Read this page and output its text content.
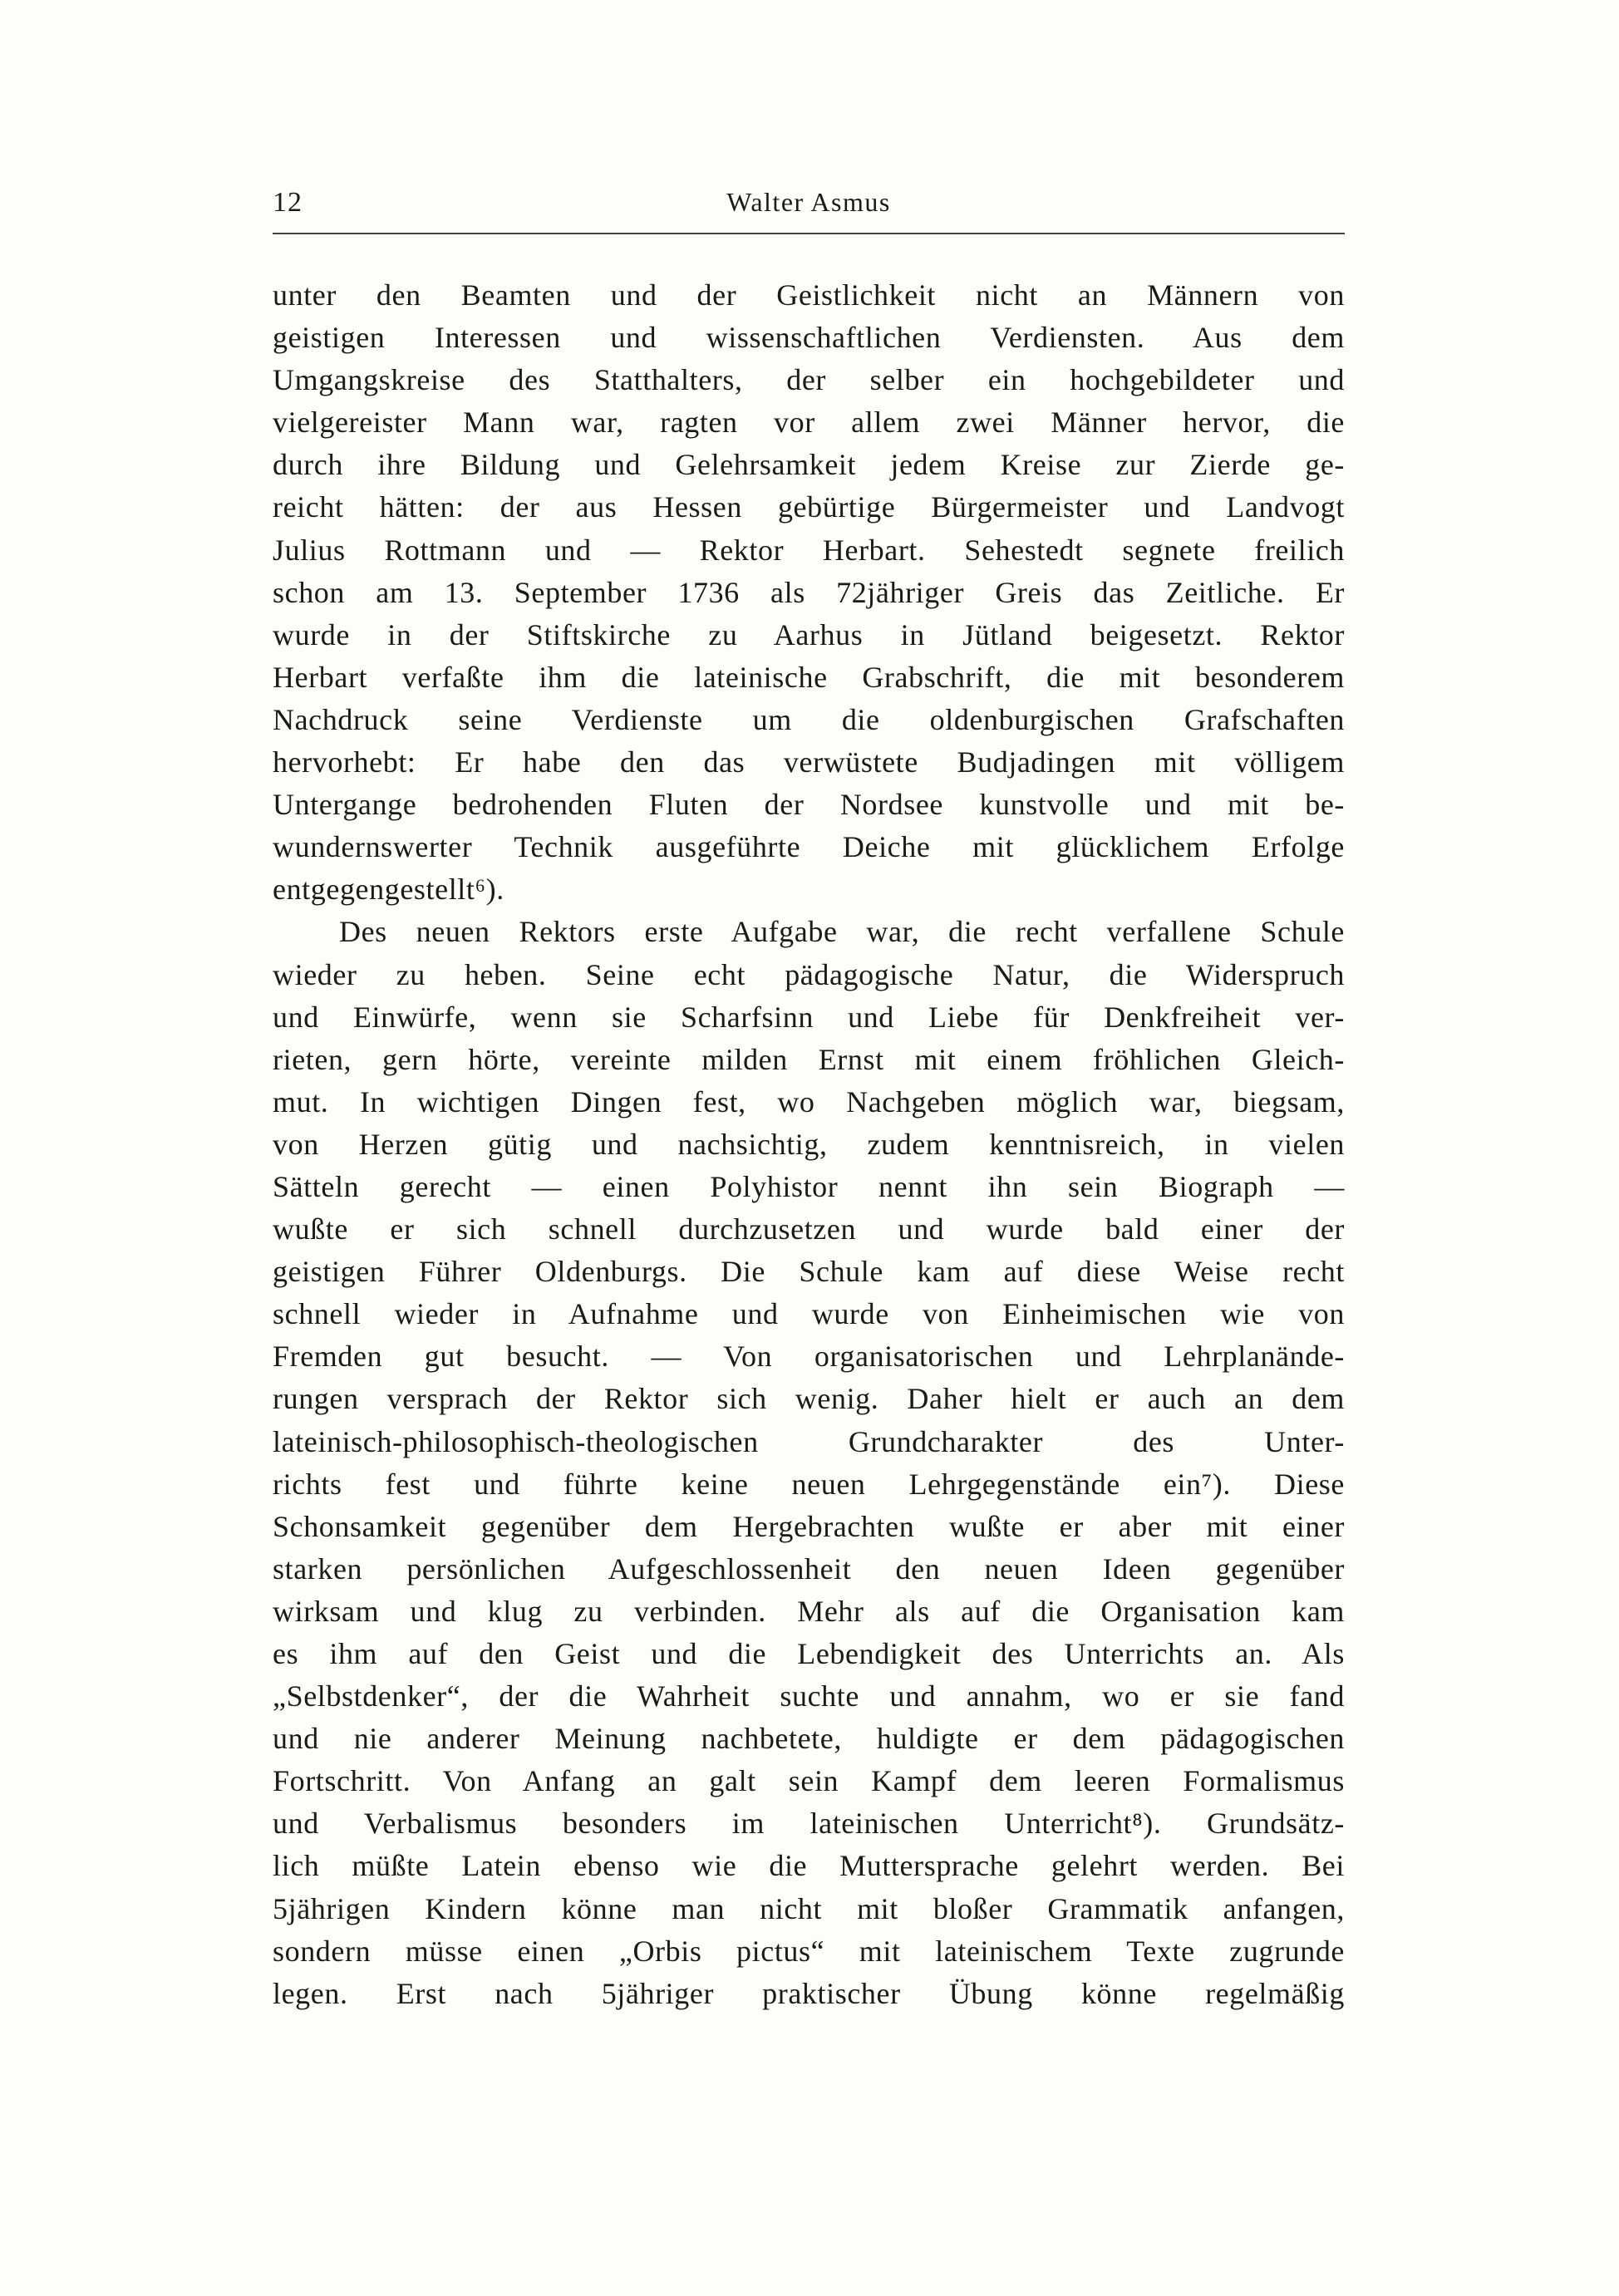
12	Walter Asmus
unter den Beamten und der Geistlichkeit nicht an Männern von
geistigen Interessen und wissenschaftlichen Verdiensten. Aus dem
Umgangskreise des Statthalters, der selber ein hochgebildeter und
vielgereister Mann war, ragten vor allem zwei Männer hervor, die
durch ihre Bildung und Gelehrsamkeit jedem Kreise zur Zierde ge-
reicht hätten: der aus Hessen gebürtige Bürgermeister und Landvogt
Julius Rottmann und — Rektor Herbart. Sehestedt segnete freilich
schon am 13. September 1736 als 72jähriger Greis das Zeitliche. Er
wurde in der Stiftskirche zu Aarhus in Jütland beigesetzt. Rektor
Herbart verfaßte ihm die lateinische Grabschrift, die mit besonderem
Nachdruck seine Verdienste um die oldenburgischen Grafschaften
hervorhebt: Er habe den das verwüstete Budjadingen mit völligem
Untergange bedrohenden Fluten der Nordsee kunstvolle und mit be-
wundernswerter Technik ausgeführte Deiche mit glücklichem Erfolge
entgegengestellt⁶).
Des neuen Rektors erste Aufgabe war, die recht verfallene Schule
wieder zu heben. Seine echt pädagogische Natur, die Widerspruch
und Einwürfe, wenn sie Scharfsinn und Liebe für Denkfreiheit ver-
rieten, gern hörte, vereinte milden Ernst mit einem fröhlichen Gleich-
mut. In wichtigen Dingen fest, wo Nachgeben möglich war, biegsam,
von Herzen gütig und nachsichtig, zudem kenntnisreich, in vielen
Sätteln gerecht — einen Polyhistor nennt ihn sein Biograph —
wußte er sich schnell durchzusetzen und wurde bald einer der
geistigen Führer Oldenburgs. Die Schule kam auf diese Weise recht
schnell wieder in Aufnahme und wurde von Einheimischen wie von
Fremden gut besucht. — Von organisatorischen und Lehrplanände-
rungen versprach der Rektor sich wenig. Daher hielt er auch an dem
lateinisch-philosophisch-theologischen Grundcharakter des Unter-
richts fest und führte keine neuen Lehrgegenstände ein⁷). Diese
Schonsamkeit gegenüber dem Hergebrachten wußte er aber mit einer
starken persönlichen Aufgeschlossenheit den neuen Ideen gegenüber
wirksam und klug zu verbinden. Mehr als auf die Organisation kam
es ihm auf den Geist und die Lebendigkeit des Unterrichts an. Als
„Selbstdenker“, der die Wahrheit suchte und annahm, wo er sie fand
und nie anderer Meinung nachbetete, huldigte er dem pädagogischen
Fortschritt. Von Anfang an galt sein Kampf dem leeren Formalismus
und Verbalismus besonders im lateinischen Unterricht⁸). Grundsätz-
lich müßte Latein ebenso wie die Muttersprache gelehrt werden. Bei
5jährigen Kindern könne man nicht mit bloßer Grammatik anfangen,
sondern müsse einen „Orbis pictus“ mit lateinischem Texte zugrunde
legen. Erst nach 5jähriger praktischer Übung könne regelmäßig
